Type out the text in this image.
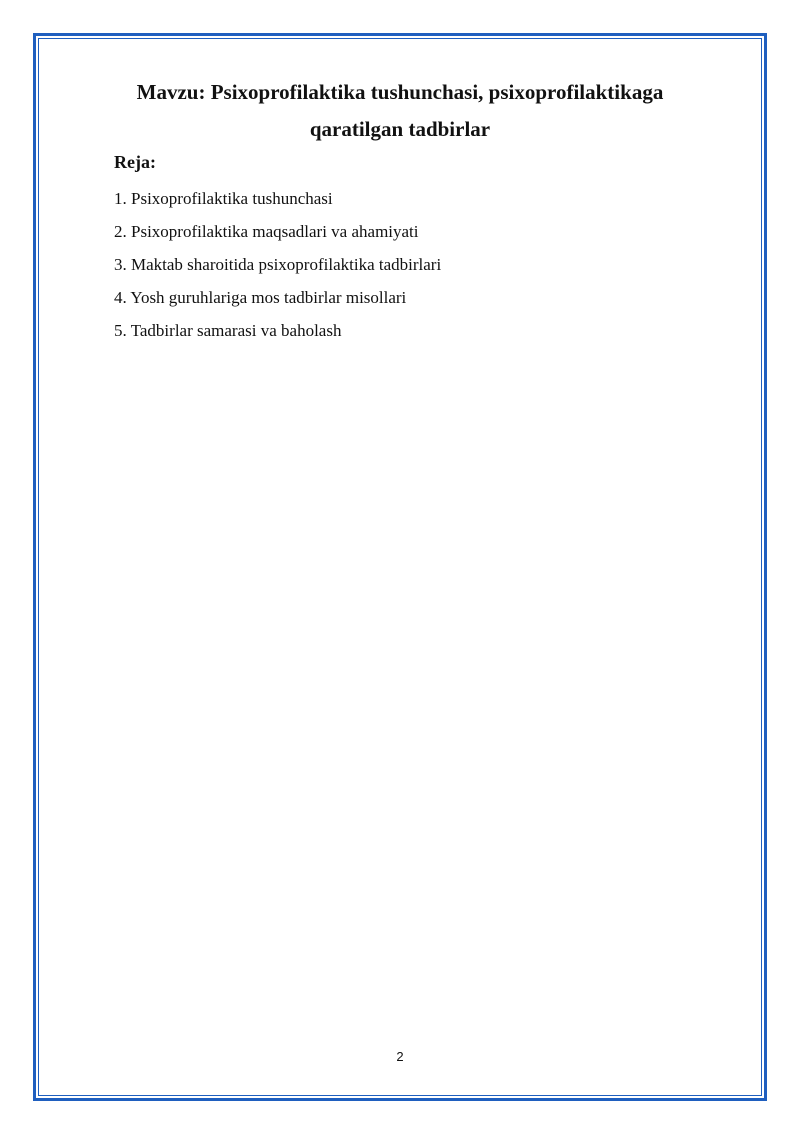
Mavzu: Psixoprofilaktika tushunchasi, psixoprofilaktikaga
qaratilgan tadbirlar

Reja:

1. Psixoprofilaktika tushunchasi
2. Psixoprofilaktika maqsadlari va ahamiyati
3. Maktab sharoitida psixoprofilaktika tadbirlari
4. Yosh guruhlariga mos tadbirlar misollari
5. Tadbirlar samarasi va baholash
2
